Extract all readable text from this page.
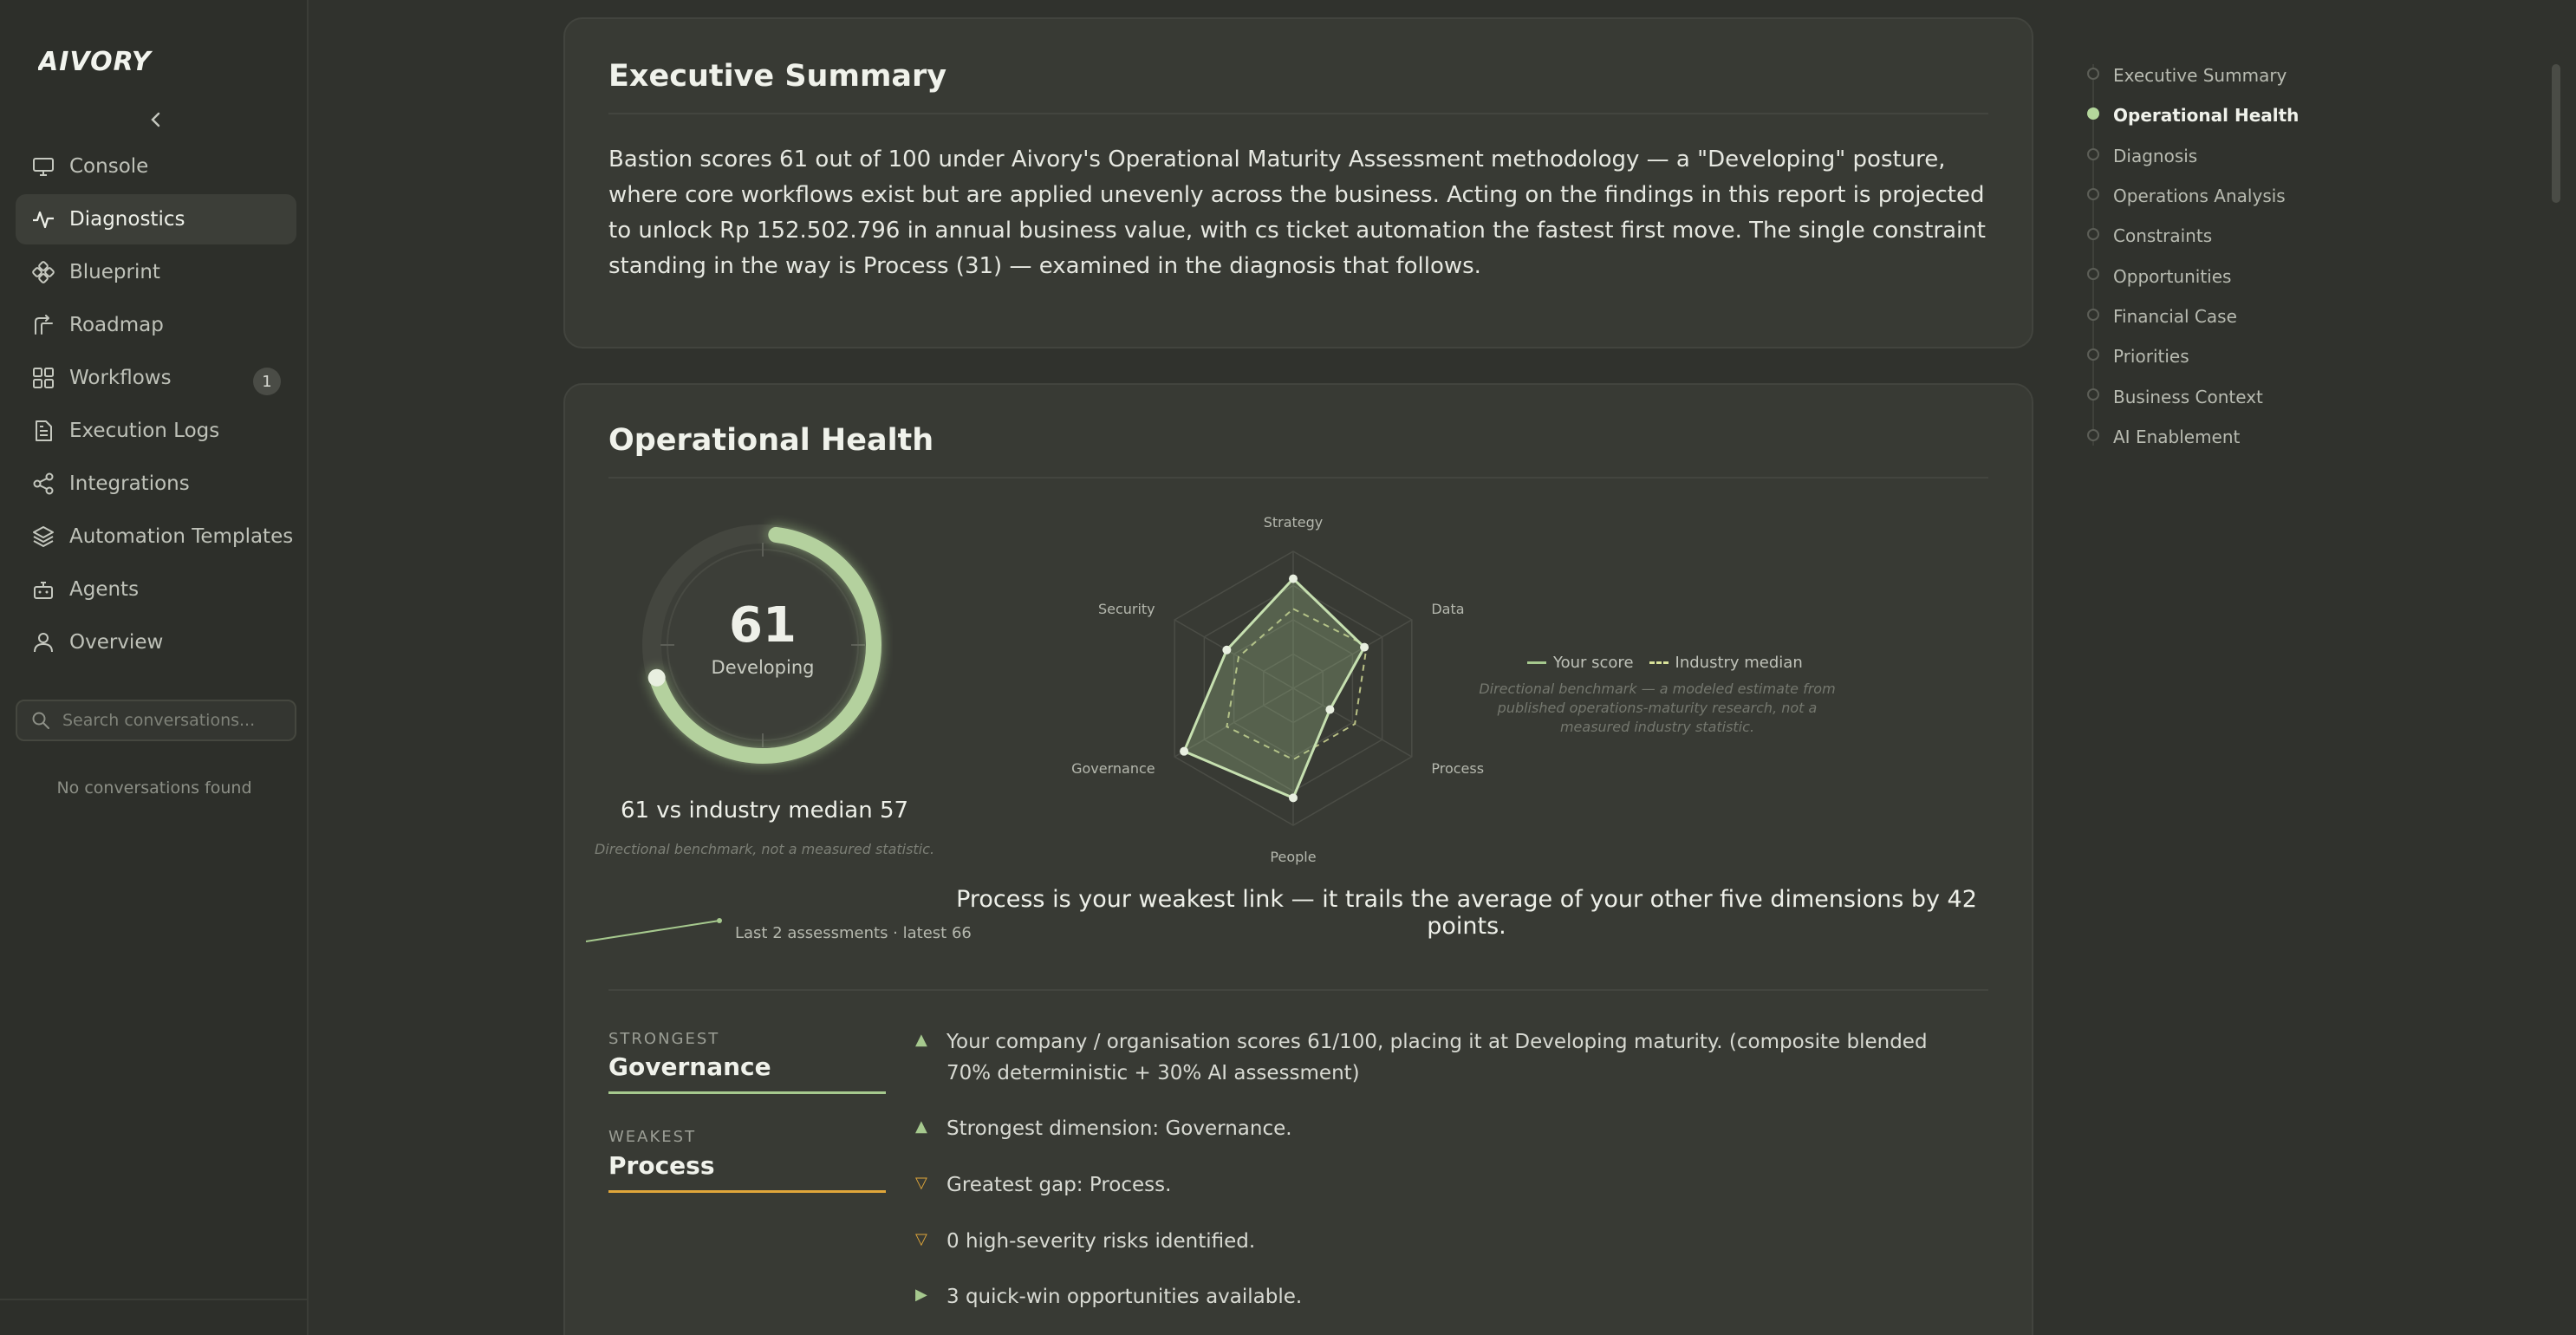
AIVORY
Console
Diagnostics
Blueprint
Roadmap
Workflows	1
Execution Logs
Integrations
Automation Templates
Agents
Overview
Search conversations...
No conversations found
Executive Summary
Bastion scores 61 out of 100 under Aivory's Operational Maturity Assessment methodology — a "Developing" posture, where core workflows exist but are applied unevenly across the business. Acting on the findings in this report is projected to unlock Rp 152.502.796 in annual business value, with cs ticket automation the fastest first move. The single constraint standing in the way is Process (31) — examined in the diagnosis that follows.
Operational Health
61
Developing
61 vs industry median 57
Directional benchmark, not a measured statistic.
Last 2 assessments · latest 66
Strategy
Data
Process
People
Governance
Security
Your score	Industry median
Directional benchmark — a modeled estimate from published operations-maturity research, not a measured industry statistic.
Process is your weakest link — it trails the average of your other five dimensions by 42 points.
STRONGEST
Governance
WEAKEST
Process
▲ Your company / organisation scores 61/100, placing it at Developing maturity. (composite blended 70% deterministic + 30% AI assessment)
▲ Strongest dimension: Governance.
▽ Greatest gap: Process.
▽ 0 high-severity risks identified.
▶ 3 quick-win opportunities available.
Executive Summary
Operational Health
Diagnosis
Operations Analysis
Constraints
Opportunities
Financial Case
Priorities
Business Context
AI Enablement
